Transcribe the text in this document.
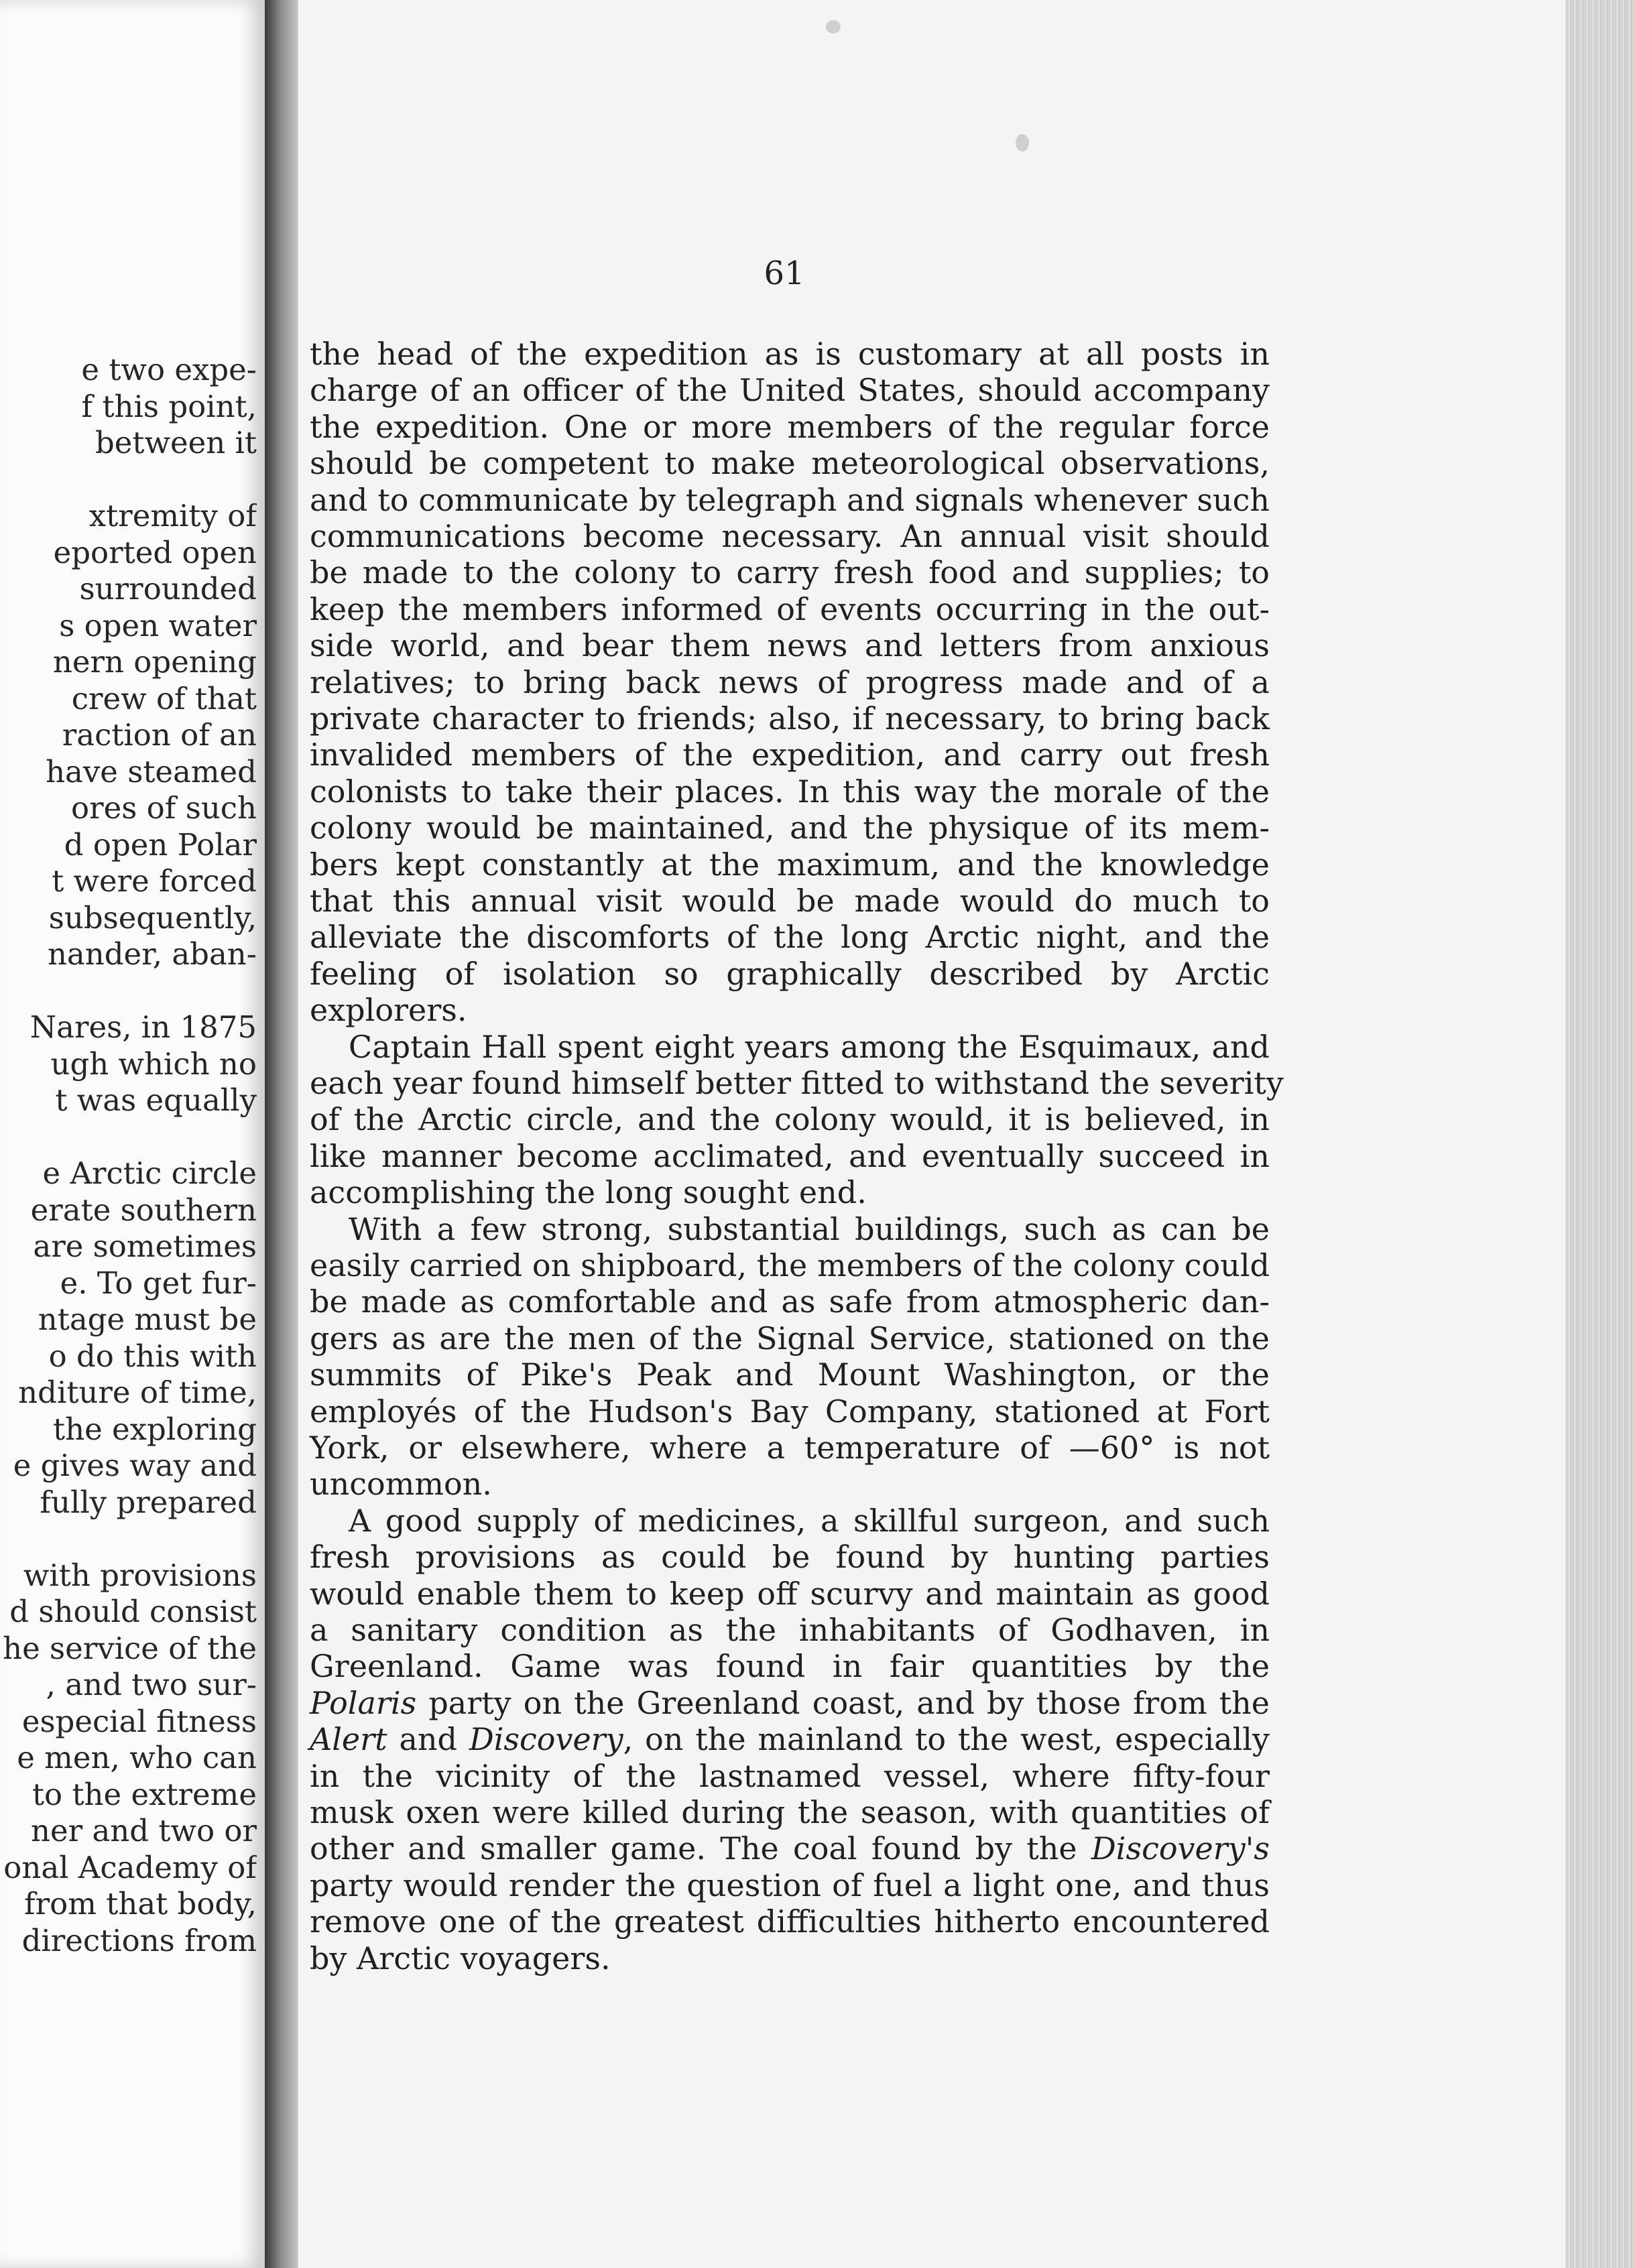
e two expe-
f this point,
between it
xtremity of
eported open
surrounded
s open water
nern opening
crew of that
raction of an
have steamed
ores of such
d open Polar
t were forced
subsequently,
nander, aban-
Nares, in 1875
ugh which no
t was equally
e Arctic circle
erate southern
are sometimes
e. To get fur-
ntage must be
o do this with
nditure of time,
the exploring
e gives way and
fully prepared
with provisions
d should consist
he service of the
, and two sur-
especial fitness
e men, who can
to the extreme
ner and two or
onal Academy of
from that body,
directions from
61
the head of the expedition as is customary at all posts in
charge of an officer of the United States, should accompany
the expedition. One or more members of the regular force
should be competent to make meteorological observations,
and to communicate by telegraph and signals whenever such
communications become necessary. An annual visit should
be made to the colony to carry fresh food and supplies; to
keep the members informed of events occurring in the out-
side world, and bear them news and letters from anxious
relatives; to bring back news of progress made and of a
private character to friends; also, if necessary, to bring back
invalided members of the expedition, and carry out fresh
colonists to take their places. In this way the morale of the
colony would be maintained, and the physique of its mem-
bers kept constantly at the maximum, and the knowledge
that this annual visit would be made would do much to
alleviate the discomforts of the long Arctic night, and the
feeling of isolation so graphically described by Arctic
explorers.
Captain Hall spent eight years among the Esquimaux, and
each year found himself better fitted to withstand the severity
of the Arctic circle, and the colony would, it is believed, in
like manner become acclimated, and eventually succeed in
accomplishing the long sought end.
With a few strong, substantial buildings, such as can be
easily carried on shipboard, the members of the colony could
be made as comfortable and as safe from atmospheric dan-
gers as are the men of the Signal Service, stationed on the
summits of Pike's Peak and Mount Washington, or the
employés of the Hudson's Bay Company, stationed at Fort
York, or elsewhere, where a temperature of —60° is not
uncommon.
A good supply of medicines, a skillful surgeon, and such
fresh provisions as could be found by hunting parties
would enable them to keep off scurvy and maintain as good
a sanitary condition as the inhabitants of Godhaven, in
Greenland. Game was found in fair quantities by the
Polaris party on the Greenland coast, and by those from the
Alert and Discovery, on the mainland to the west, especially
in the vicinity of the lastnamed vessel, where fifty-four
musk oxen were killed during the season, with quantities of
other and smaller game. The coal found by the Discovery's
party would render the question of fuel a light one, and thus
remove one of the greatest difficulties hitherto encountered
by Arctic voyagers.
